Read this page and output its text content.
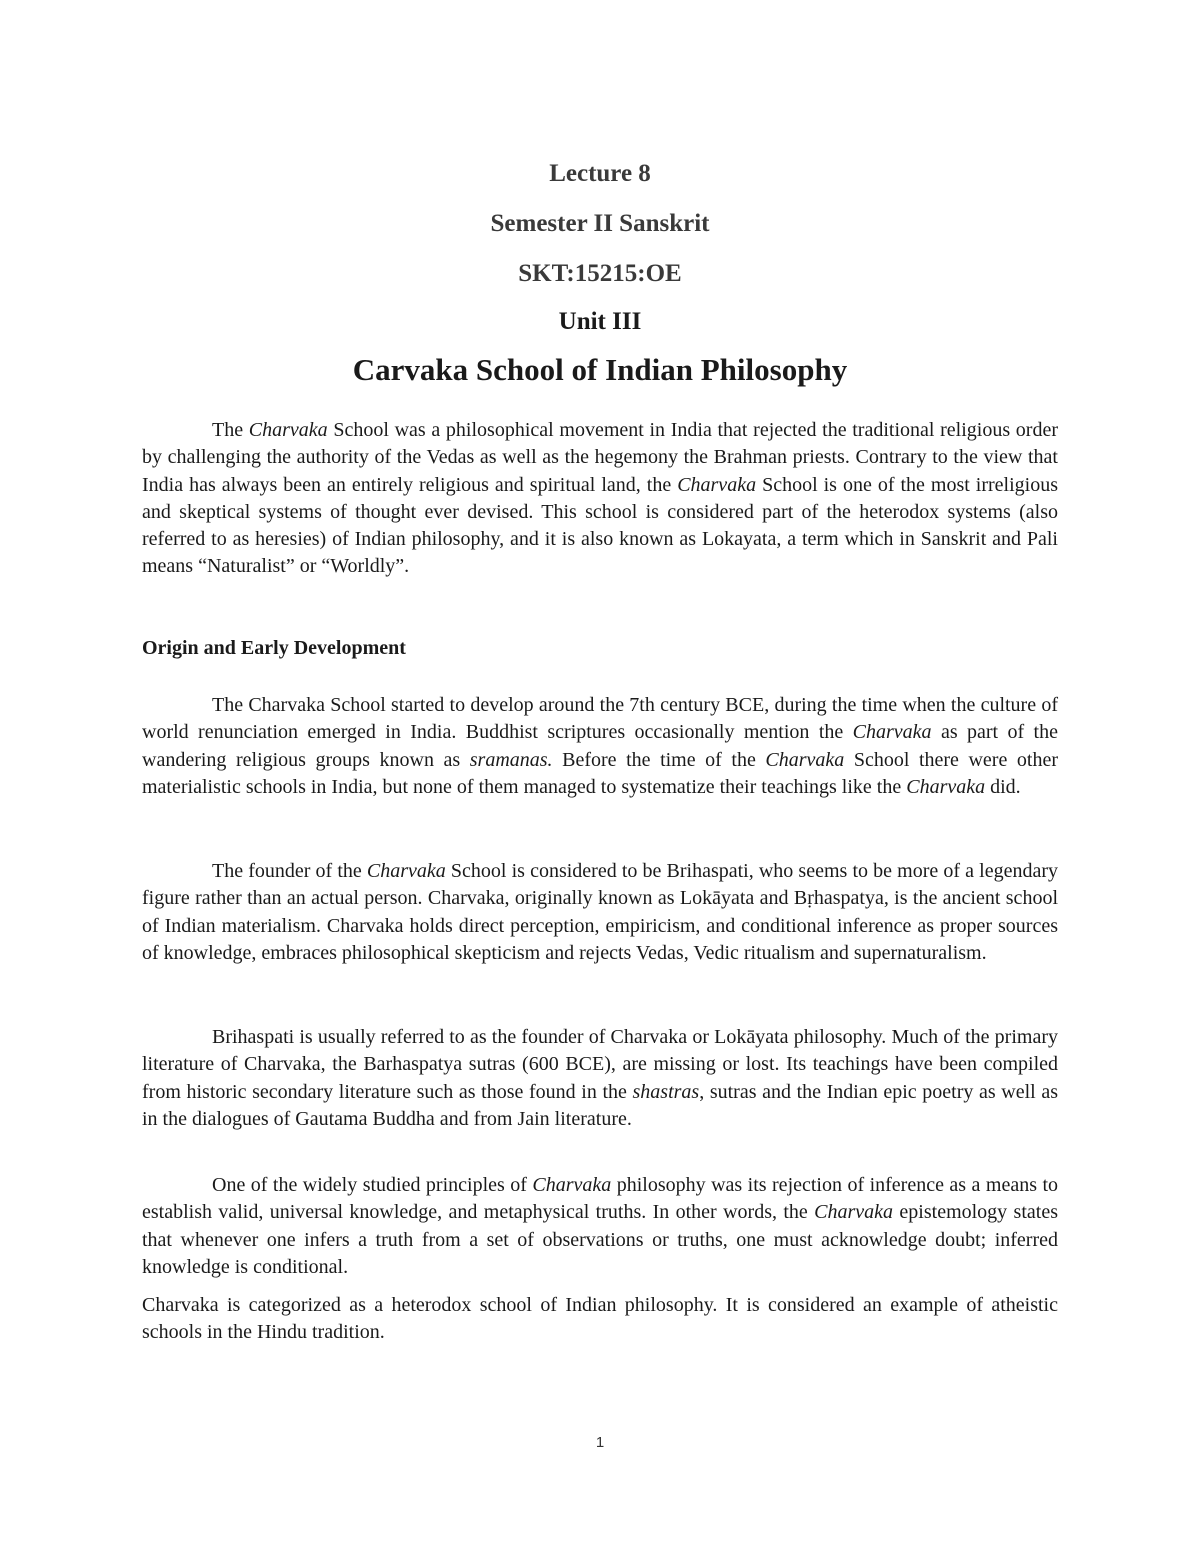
Lecture 8
Semester II Sanskrit
SKT:15215:OE
Unit III
Carvaka School of Indian Philosophy

The Charvaka School was a philosophical movement in India that rejected the traditional religious order by challenging the authority of the Vedas as well as the hegemony the Brahman priests. Contrary to the view that India has always been an entirely religious and spiritual land, the Charvaka School is one of the most irreligious and skeptical systems of thought ever devised. This school is considered part of the heterodox systems (also referred to as heresies) of Indian philosophy, and it is also known as Lokayata, a term which in Sanskrit and Pali means “Naturalist” or “Worldly”.

Origin and Early Development

The Charvaka School started to develop around the 7th century BCE, during the time when the culture of world renunciation emerged in India. Buddhist scriptures occasionally mention the Charvaka as part of the wandering religious groups known as sramanas. Before the time of the Charvaka School there were other materialistic schools in India, but none of them managed to systematize their teachings like the Charvaka did.

The founder of the Charvaka School is considered to be Brihaspati, who seems to be more of a legendary figure rather than an actual person. Charvaka, originally known as Lokāyata and Bṛhaspatya, is the ancient school of Indian materialism. Charvaka holds direct perception, empiricism, and conditional inference as proper sources of knowledge, embraces philosophical skepticism and rejects Vedas, Vedic ritualism and supernaturalism.

Brihaspati is usually referred to as the founder of Charvaka or Lokāyata philosophy. Much of the primary literature of Charvaka, the Barhaspatya sutras (600 BCE), are missing or lost. Its teachings have been compiled from historic secondary literature such as those found in the shastras, sutras and the Indian epic poetry as well as in the dialogues of Gautama Buddha and from Jain literature.

One of the widely studied principles of Charvaka philosophy was its rejection of inference as a means to establish valid, universal knowledge, and metaphysical truths. In other words, the Charvaka epistemology states that whenever one infers a truth from a set of observations or truths, one must acknowledge doubt; inferred knowledge is conditional.

Charvaka is categorized as a heterodox school of Indian philosophy. It is considered an example of atheistic schools in the Hindu tradition.

1
